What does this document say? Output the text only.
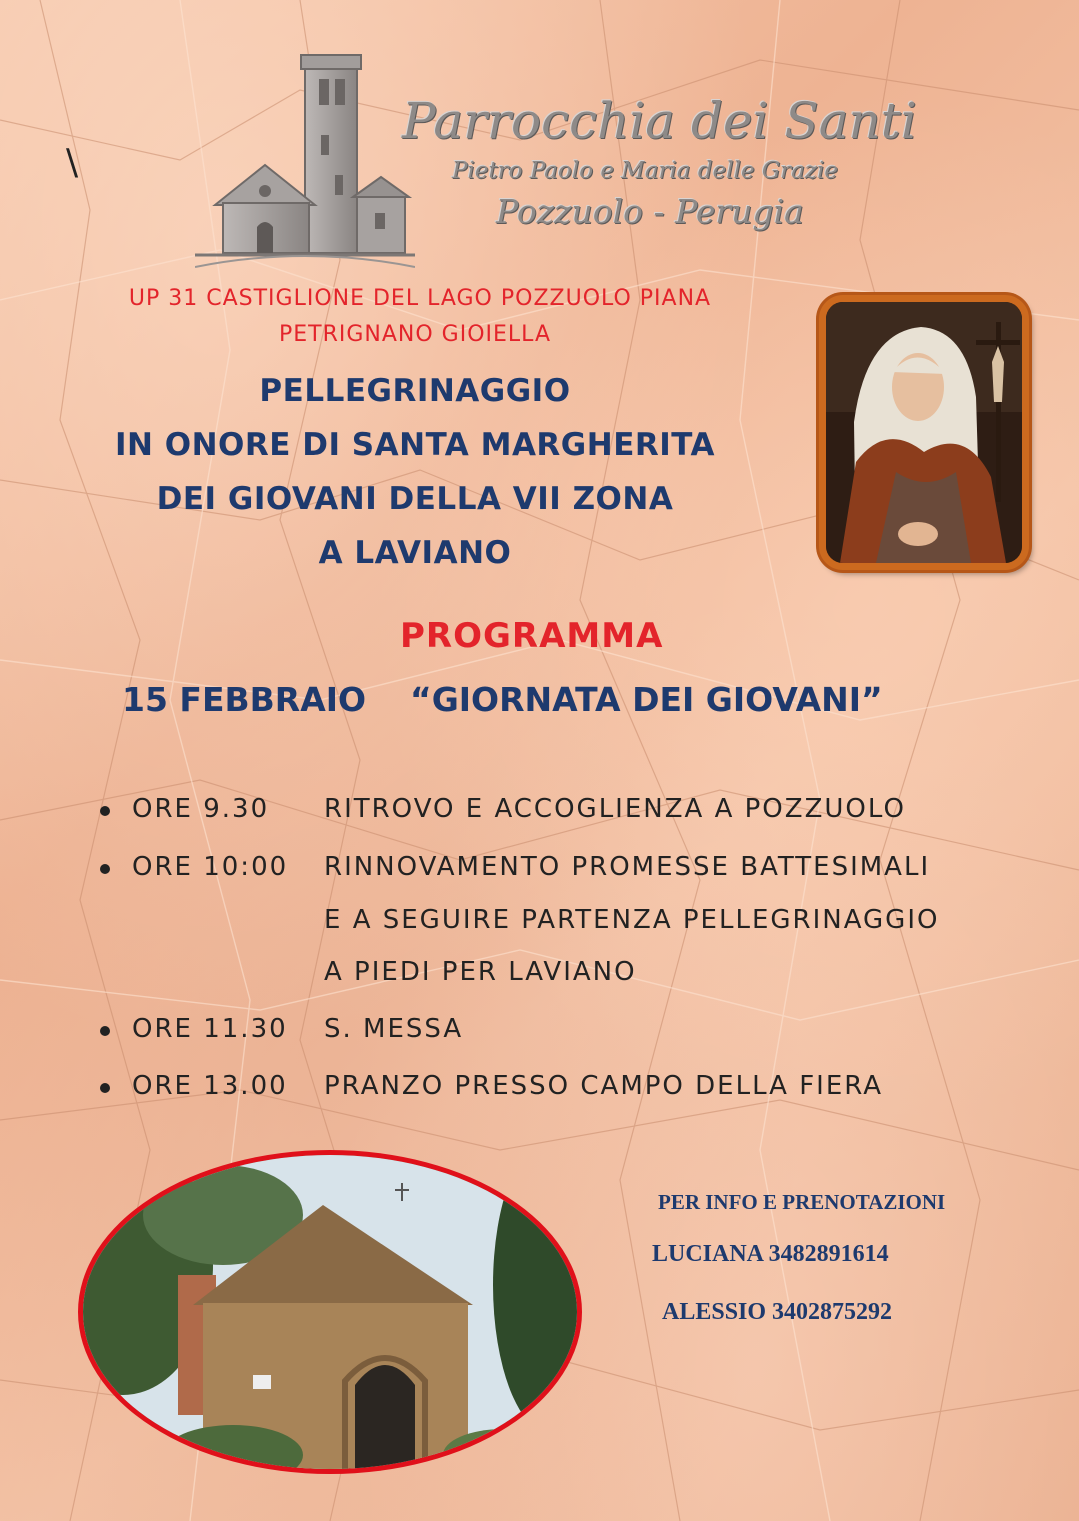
\
Parrocchia dei Santi
Pietro Paolo e Maria delle Grazie
Pozzuolo - Perugia
UP 31 CASTIGLIONE DEL LAGO POZZUOLO PIANA
PETRIGNANO GIOIELLA
PELLEGRINAGGIO
IN ONORE DI SANTA MARGHERITA
DEI GIOVANI DELLA VII ZONA
A LAVIANO
PROGRAMMA
15 FEBBRAIO “GIORNATA DEI GIOVANI”
ORE 9.30 RITROVO E ACCOGLIENZA A POZZUOLO
ORE 10:00 RINNOVAMENTO PROMESSE BATTESIMALI
E A SEGUIRE PARTENZA PELLEGRINAGGIO
A PIEDI PER LAVIANO
ORE 11.30 S. MESSA
ORE 13.00 PRANZO PRESSO CAMPO DELLA FIERA
PER INFO E PRENOTAZIONI
LUCIANA 3482891614
ALESSIO 3402875292
